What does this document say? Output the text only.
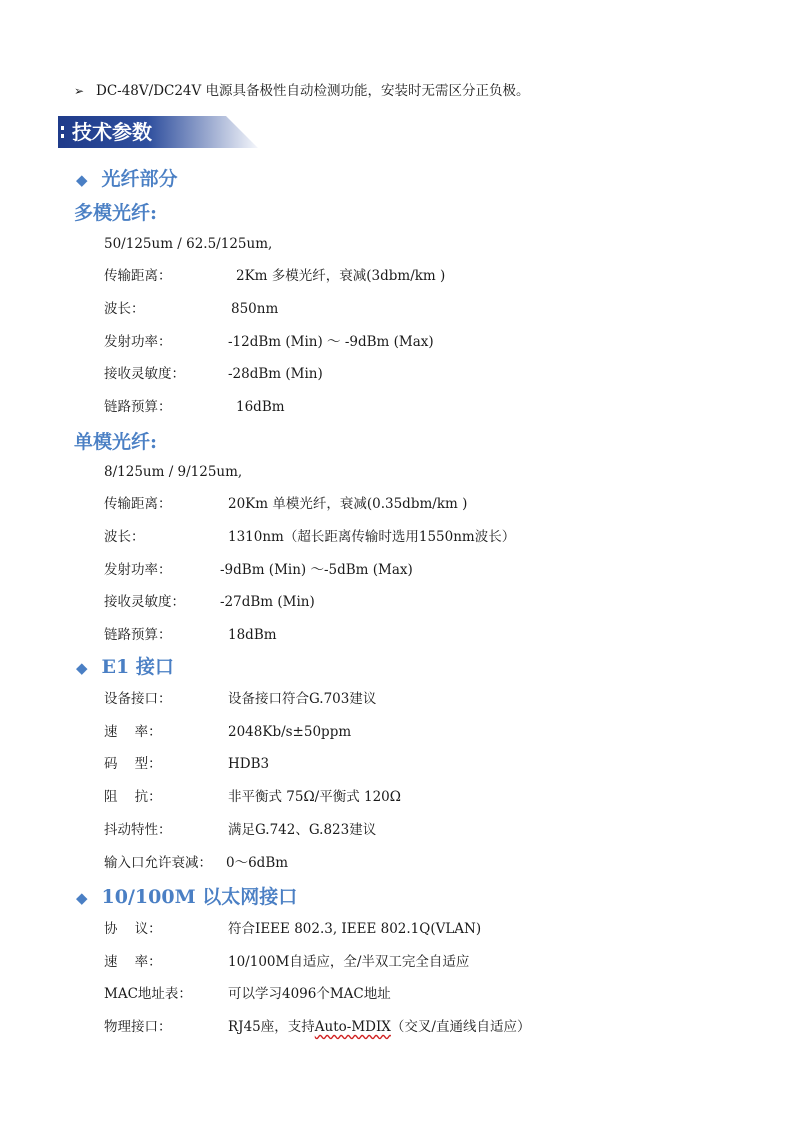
➢ DC-48V/DC24V 电源具备极性自动检测功能，安装时无需区分正负极。
技术参数
◆ 光纤部分
多模光纤:
50/125um / 62.5/125um,
传输距离：	2Km 多模光纤，衰减(3dbm/km )
波长：	850nm
发射功率：	-12dBm (Min) ～ -9dBm (Max)
接收灵敏度：	-28dBm (Min)
链路预算：	16dBm
单模光纤:
8/125um / 9/125um,
传输距离：	20Km 单模光纤，衰减(0.35dbm/km )
波长：	1310nm（超长距离传输时选用1550nm波长）
发射功率：	-9dBm (Min) ～-5dBm (Max)
接收灵敏度：	-27dBm (Min)
链路预算：	18dBm
◆ E1 接口
设备接口：	设备接口符合G.703建议
速    率：	2048Kb/s±50ppm
码    型：	HDB3
阻    抗：	非平衡式 75Ω/平衡式 120Ω
抖动特性：	满足G.742、G.823建议
输入口允许衰减： 0～6dBm
◆ 10/100M 以太网接口
协    议：	符合IEEE 802.3, IEEE 802.1Q(VLAN)
速    率：	10/100M自适应，全/半双工完全自适应
MAC地址表：	可以学习4096个MAC地址
物理接口：	RJ45座，支持Auto-MDIX（交叉/直通线自适应）
